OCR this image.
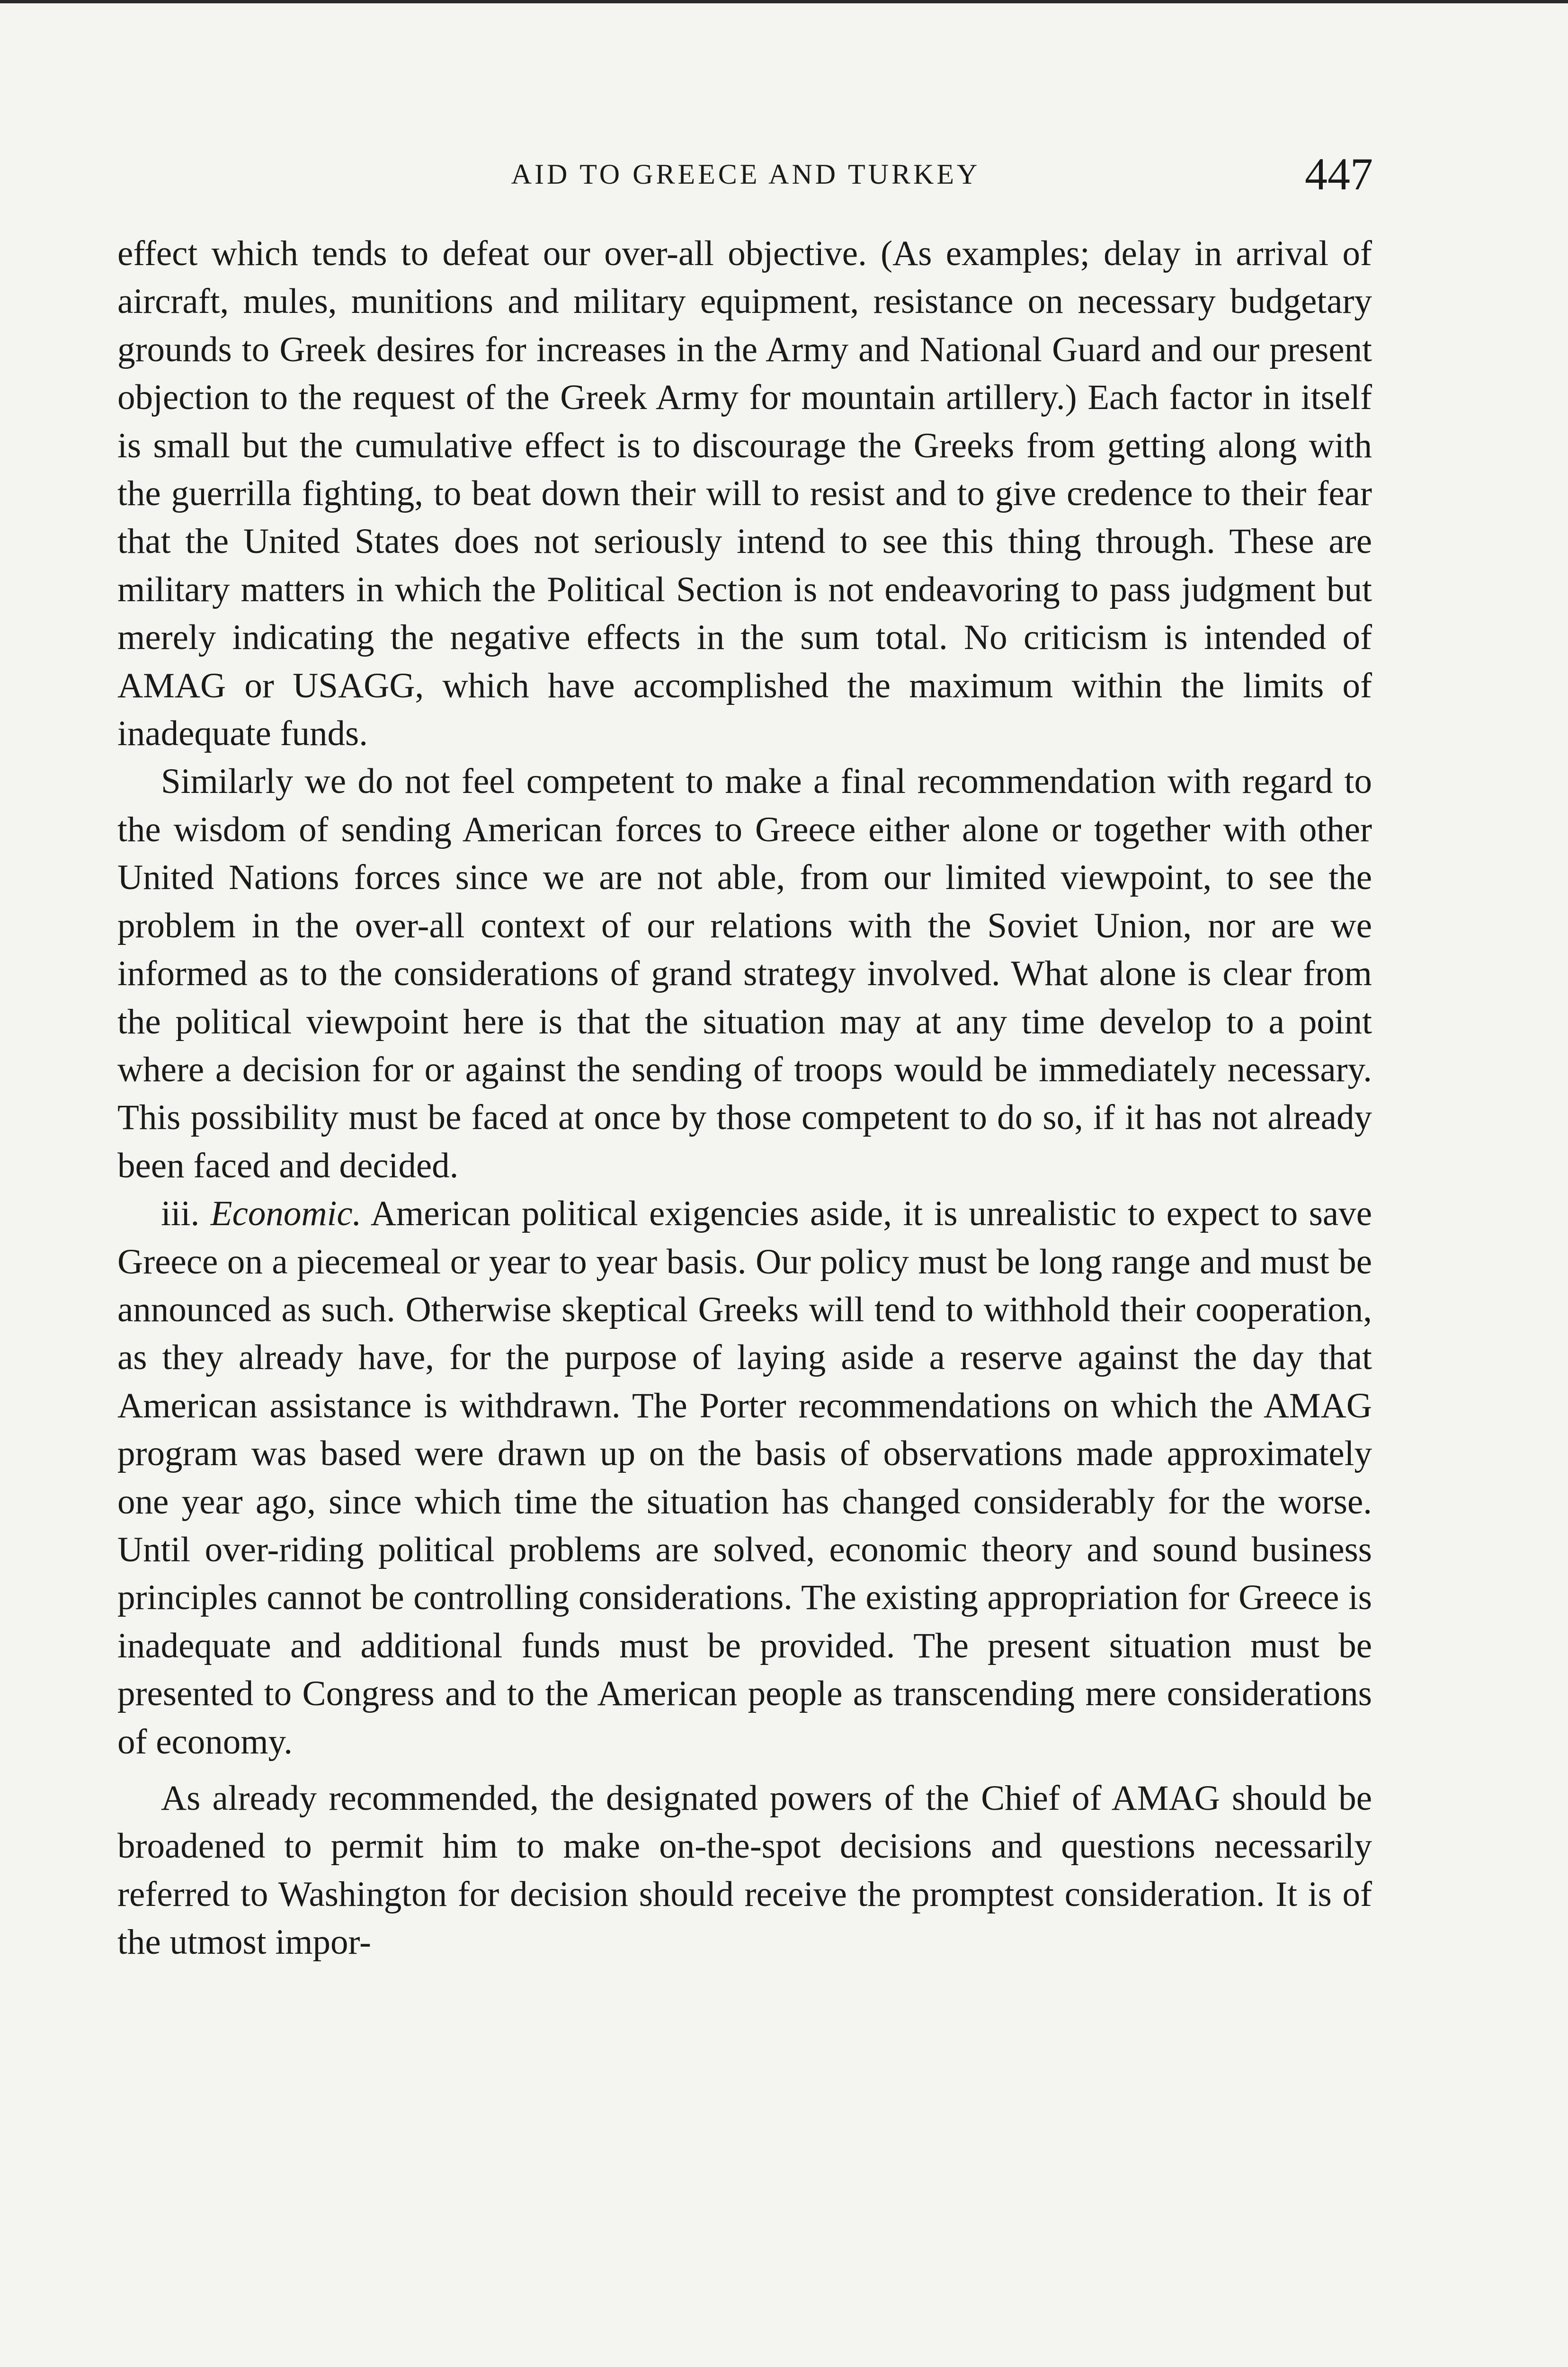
AID TO GREECE AND TURKEY	447

effect which tends to defeat our over-all objective. (As examples; delay in arrival of aircraft, mules, munitions and military equipment, resistance on necessary budgetary grounds to Greek desires for increases in the Army and National Guard and our present objection to the request of the Greek Army for mountain artillery.) Each factor in itself is small but the cumulative effect is to discourage the Greeks from getting along with the guerrilla fighting, to beat down their will to resist and to give credence to their fear that the United States does not seriously intend to see this thing through. These are military matters in which the Political Section is not endeavoring to pass judgment but merely indicating the negative effects in the sum total. No criticism is intended of AMAG or USAGG, which have accomplished the maximum within the limits of inadequate funds.

Similarly we do not feel competent to make a final recommendation with regard to the wisdom of sending American forces to Greece either alone or together with other United Nations forces since we are not able, from our limited viewpoint, to see the problem in the over-all context of our relations with the Soviet Union, nor are we informed as to the considerations of grand strategy involved. What alone is clear from the political viewpoint here is that the situation may at any time develop to a point where a decision for or against the sending of troops would be immediately necessary. This possibility must be faced at once by those competent to do so, if it has not already been faced and decided.

iii. Economic. American political exigencies aside, it is unrealistic to expect to save Greece on a piecemeal or year to year basis. Our policy must be long range and must be announced as such. Otherwise skeptical Greeks will tend to withhold their cooperation, as they already have, for the purpose of laying aside a reserve against the day that American assistance is withdrawn. The Porter recommendations on which the AMAG program was based were drawn up on the basis of observations made approximately one year ago, since which time the situation has changed considerably for the worse. Until over-riding political problems are solved, economic theory and sound business principles cannot be controlling considerations. The existing appropriation for Greece is inadequate and additional funds must be provided. The present situation must be presented to Congress and to the American people as transcending mere considerations of economy.

As already recommended, the designated powers of the Chief of AMAG should be broadened to permit him to make on-the-spot decisions and questions necessarily referred to Washington for decision should receive the promptest consideration. It is of the utmost impor-
